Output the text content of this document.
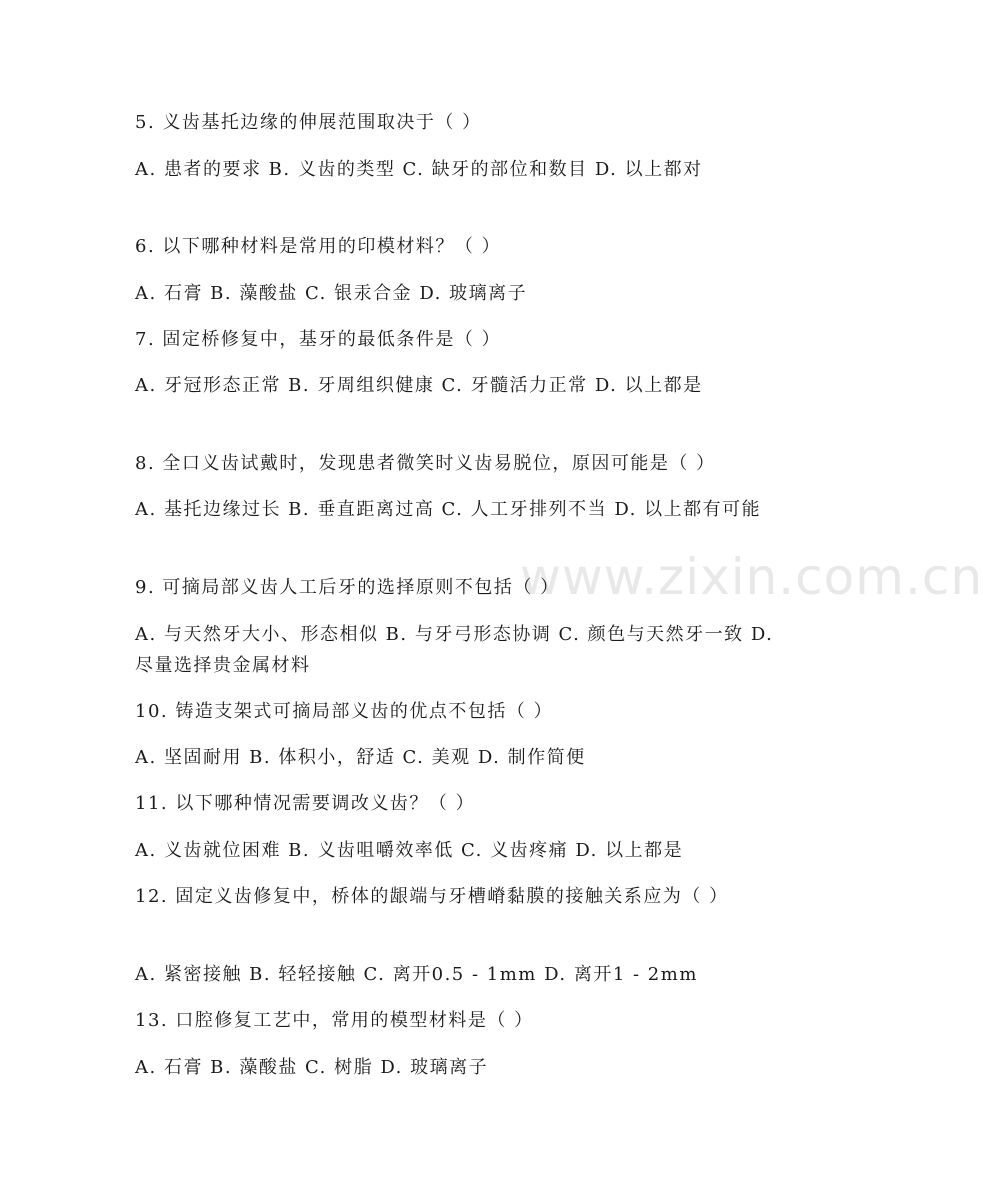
www.zixin.com.cn
5. 义齿基托边缘的伸展范围取决于（ ）
A. 患者的要求 B. 义齿的类型 C. 缺牙的部位和数目 D. 以上都对
6. 以下哪种材料是常用的印模材料？（ ）
A. 石膏 B. 藻酸盐 C. 银汞合金 D. 玻璃离子
7. 固定桥修复中，基牙的最低条件是（ ）
A. 牙冠形态正常 B. 牙周组织健康 C. 牙髓活力正常 D. 以上都是
8. 全口义齿试戴时，发现患者微笑时义齿易脱位，原因可能是（ ）
A. 基托边缘过长 B. 垂直距离过高 C. 人工牙排列不当 D. 以上都有可能
9. 可摘局部义齿人工后牙的选择原则不包括（ ）
A. 与天然牙大小、形态相似 B. 与牙弓形态协调 C. 颜色与天然牙一致 D. 尽量选择贵金属材料
10. 铸造支架式可摘局部义齿的优点不包括（ ）
A. 坚固耐用 B. 体积小，舒适 C. 美观 D. 制作简便
11. 以下哪种情况需要调改义齿？（ ）
A. 义齿就位困难 B. 义齿咀嚼效率低 C. 义齿疼痛 D. 以上都是
12. 固定义齿修复中，桥体的龈端与牙槽嵴黏膜的接触关系应为（ ）
A. 紧密接触 B. 轻轻接触 C. 离开0.5 - 1mm D. 离开1 - 2mm
13. 口腔修复工艺中，常用的模型材料是（ ）
A. 石膏 B. 藻酸盐 C. 树脂 D. 玻璃离子
